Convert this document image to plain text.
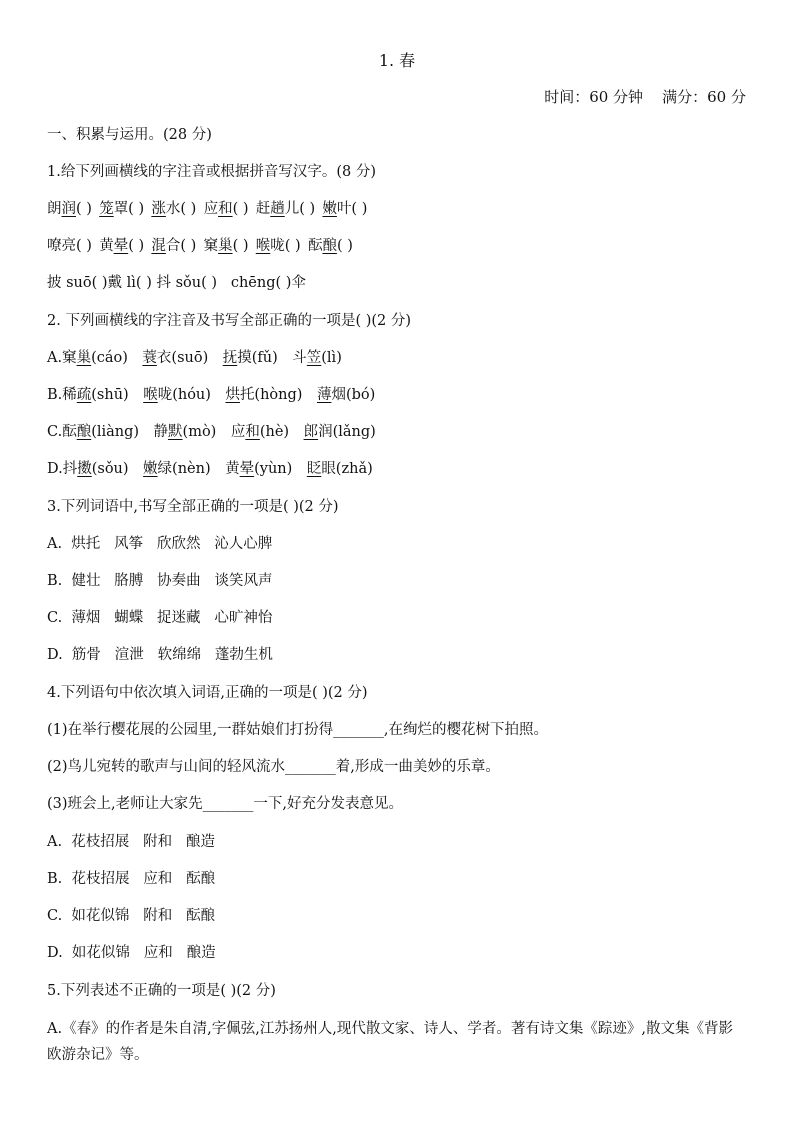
1. 春
时间：60 分钟 满分：60 分
一、积累与运用。(28 分)
1.给下列画横线的字注音或根据拼音写汉字。(8 分)
朗润( )  笼罩( )  涨水( )  应和( )  赶趟儿( )  嫩叶( )
嘹亮( )  黄晕( )  混合( )  窠巢( )  喉咙( )  酝酿( )
披 suō( )戴 lì( ) 抖 sǒu( ) chēng( )伞
2. 下列画横线的字注音及书写全部正确的一项是( )(2 分)
A.窠巢(cáo)  蓑衣(suō)  抚摸(fǔ)  斗笠(lì)
B.稀疏(shū)  喉咙(hóu)  烘托(hòng)  薄烟(bó)
C.酝酿(liàng)  静默(mò)  应和(hè)  郎润(lǎng)
D.抖擞(sǒu)  嫩绿(nèn)  黄晕(yùn)  眨眼(zhǎ)
3.下列词语中,书写全部正确的一项是( )(2 分)
A.  烘托   风筝   欣欣然   沁人心脾
B.  健壮   胳膊   协奏曲   谈笑风声
C.  薄烟   蝴蝶   捉迷藏   心旷神怡
D.  筋骨   渲泄   软绵绵   蓬勃生机
4.下列语句中依次填入词语,正确的一项是( )(2 分)
(1)在举行樱花展的公园里,一群姑娘们打扮得_______,在绚烂的樱花树下拍照。
(2)鸟儿宛转的歌声与山间的轻风流水_______着,形成一曲美妙的乐章。
(3)班会上,老师让大家先_______一下,好充分发表意见。
A.  花枝招展   附和   酿造
B.  花枝招展   应和   酝酿
C.  如花似锦   附和   酝酿
D.  如花似锦   应和   酿造
5.下列表述不正确的一项是( )(2 分)
A.《春》的作者是朱自清,字佩弦,江苏扬州人,现代散文家、诗人、学者。著有诗文集《踪迹》,散文集《背影欧游杂记》等。
